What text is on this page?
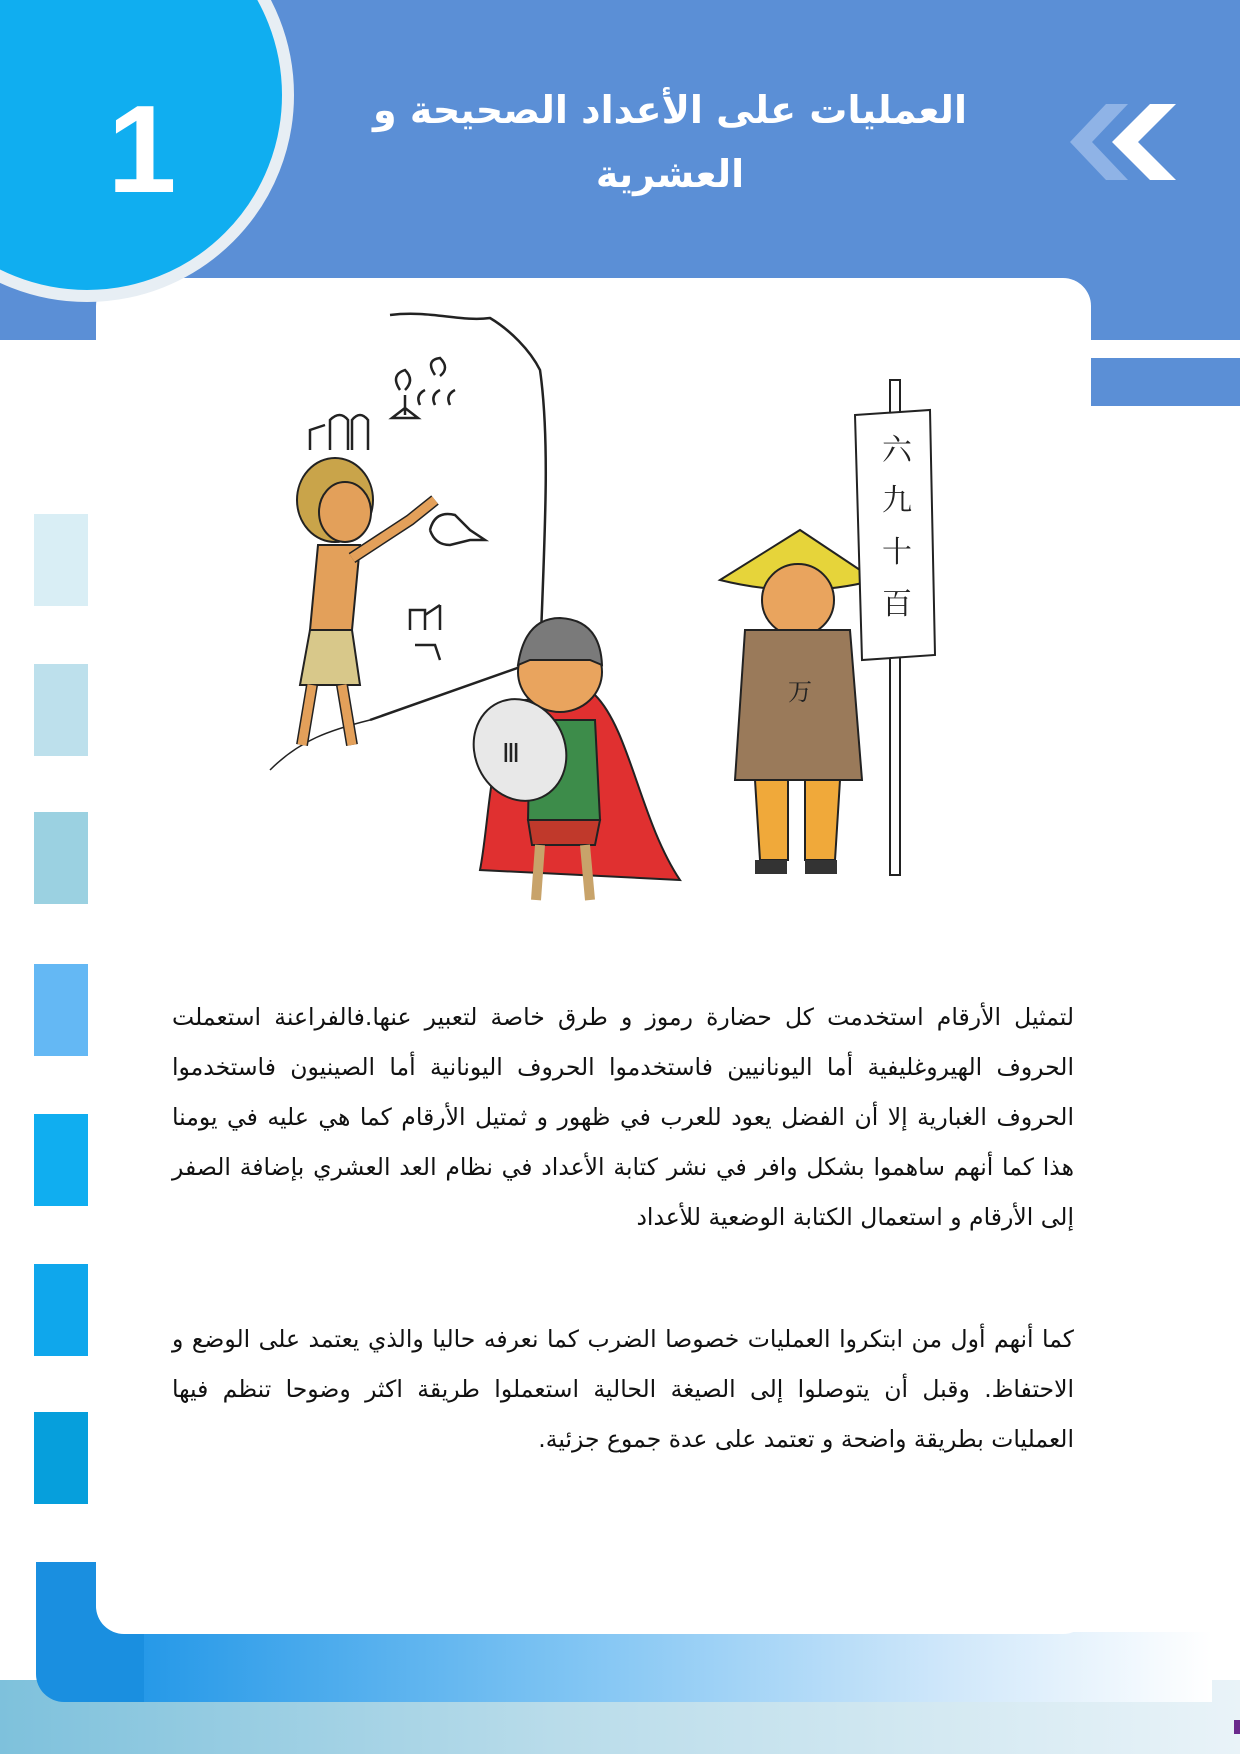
1	العمليات على الأعداد الصحيحة و
العشرية
Ⅲ
万
六
九
十
百
لتمثيل الأرقام استخدمت كل حضارة رموز و طرق خاصة لتعبير عنها.فالفراعنة استعملت الحروف الهيروغليفية أما اليونانيين فاستخدموا الحروف اليونانية أما الصينيون فاستخدموا الحروف الغبارية إلا أن الفضل يعود للعرب في ظهور و ثمتيل الأرقام كما هي عليه في يومنا هذا كما أنهم ساهموا بشكل وافر في نشر كتابة الأعداد في نظام العد العشري بإضافة الصفر إلى الأرقام و استعمال الكتابة الوضعية للأعداد
كما أنهم أول من ابتكروا العمليات خصوصا الضرب كما نعرفه حاليا والذي يعتمد على الوضع و الاحتفاظ. وقبل أن يتوصلوا إلى الصيغة الحالية استعملوا طريقة اكثر وضوحا تنظم فيها العمليات بطريقة واضحة و تعتمد على عدة جموع جزئية.
